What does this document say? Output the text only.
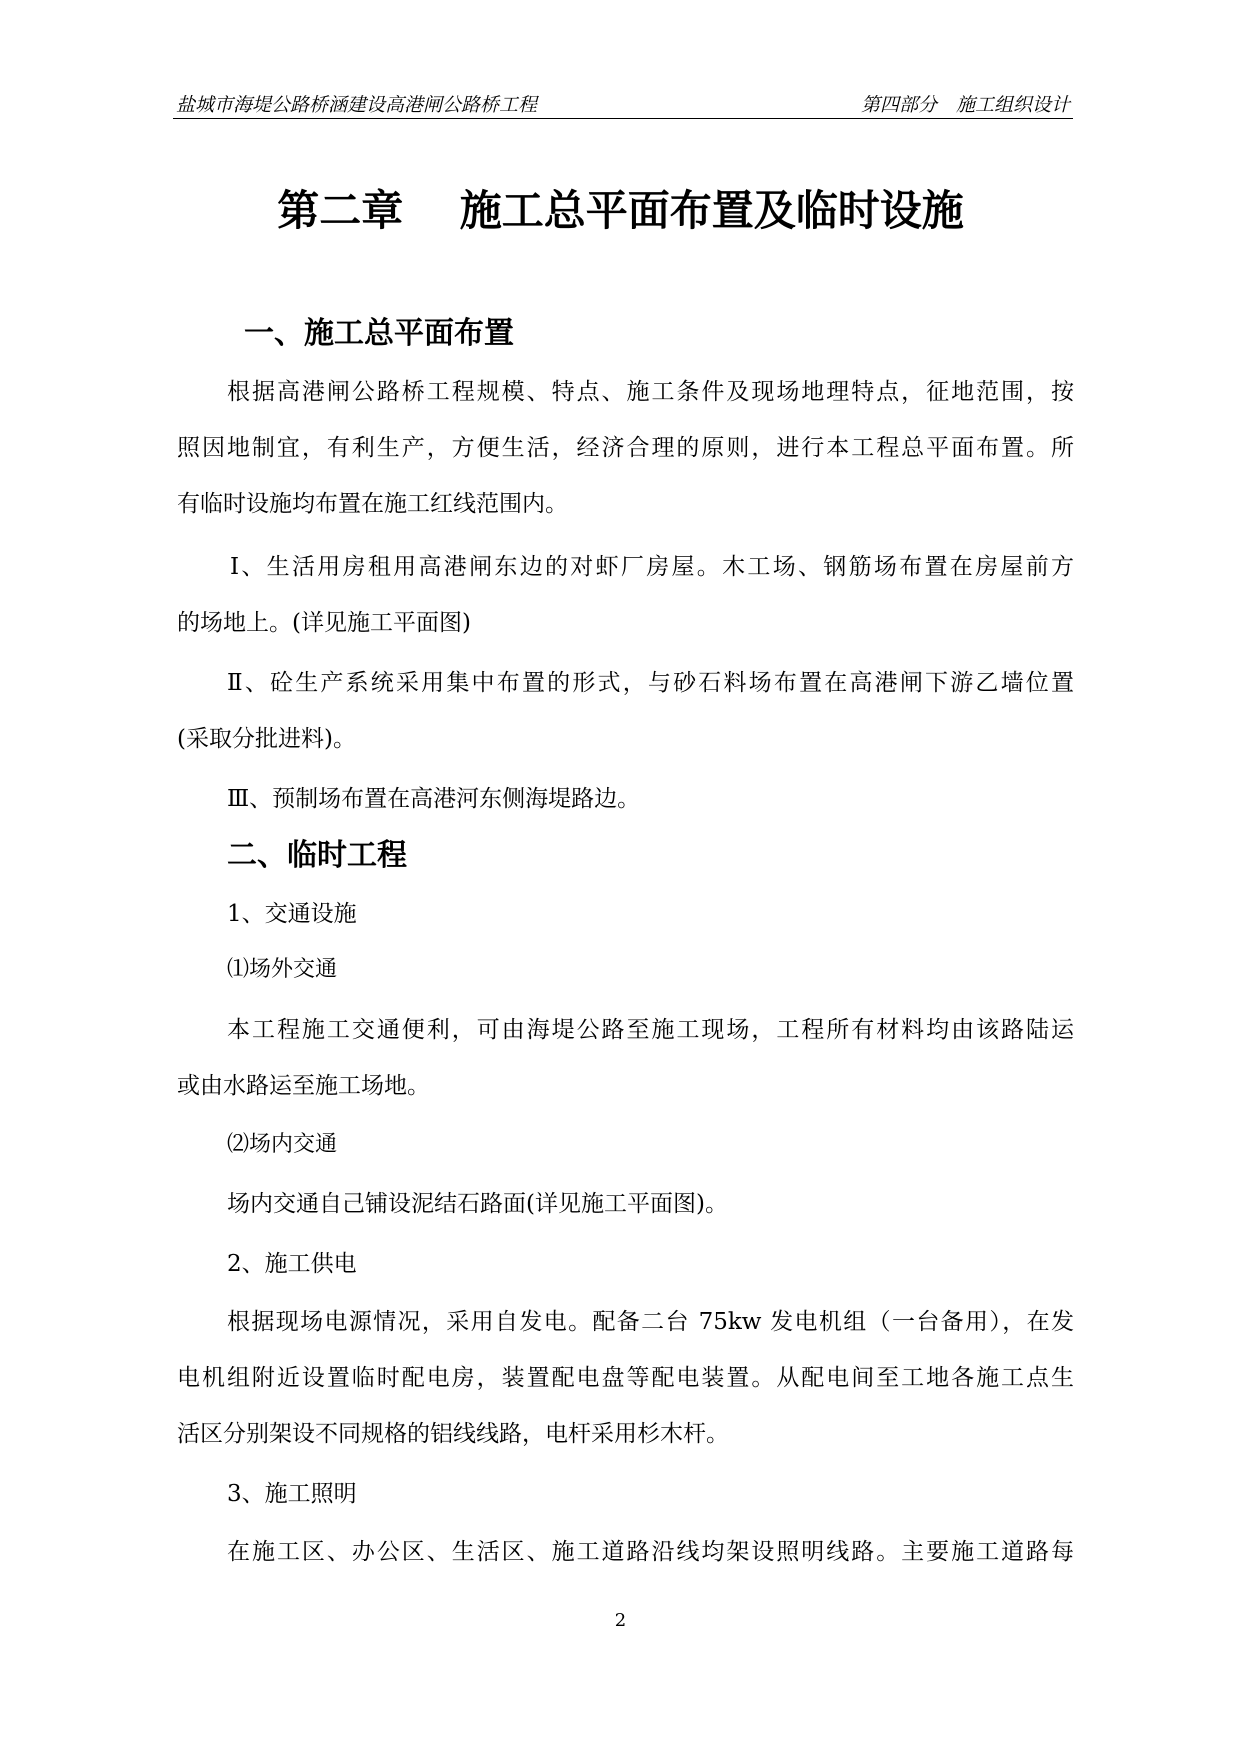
盐城市海堤公路桥涵建设高港闸公路桥工程	第四部分　施工组织设计
第二章　 施工总平面布置及临时设施
一、施工总平面布置
根据高港闸公路桥工程规模、特点、施工条件及现场地理特点，征地范围，按
照因地制宜，有利生产，方便生活，经济合理的原则，进行本工程总平面布置。所
有临时设施均布置在施工红线范围内。
Ⅰ、生活用房租用高港闸东边的对虾厂房屋。木工场、钢筋场布置在房屋前方
的场地上。(详见施工平面图)
Ⅱ、砼生产系统采用集中布置的形式，与砂石料场布置在高港闸下游乙墙位置
(采取分批进料)。
Ⅲ、预制场布置在高港河东侧海堤路边。
二、临时工程
1、交通设施
⑴场外交通
本工程施工交通便利，可由海堤公路至施工现场，工程所有材料均由该路陆运
或由水路运至施工场地。
⑵场内交通
场内交通自己铺设泥结石路面(详见施工平面图)。
2、施工供电
根据现场电源情况，采用自发电。配备二台 75kw 发电机组（一台备用），在发
电机组附近设置临时配电房，装置配电盘等配电装置。从配电间至工地各施工点生
活区分别架设不同规格的铝线线路，电杆采用杉木杆。
3、施工照明
在施工区、办公区、生活区、施工道路沿线均架设照明线路。主要施工道路每
2
